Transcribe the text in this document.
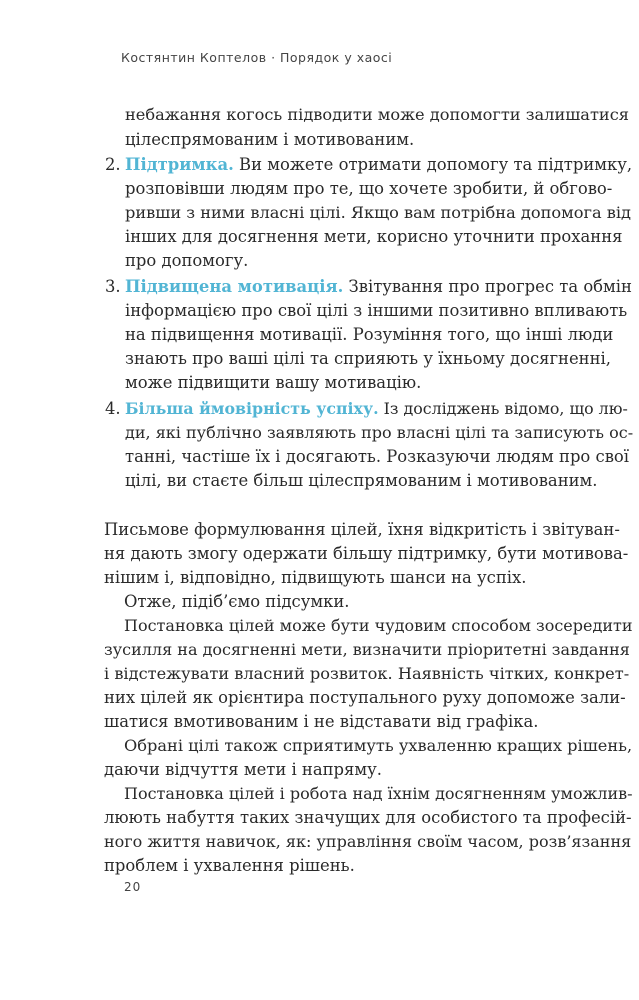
Костянтин Коптелов · Порядок у хаосі
небажання когось підводити може допомогти залишатися
цілеспрямованим і мотивованим.
2. Підтримка. Ви можете отримати допомогу та підтримку,
розповівши людям про те, що хочете зробити, й обгово-
ривши з ними власні цілі. Якщо вам потрібна допомога від
інших для досягнення мети, корисно уточнити прохання
про допомогу.
3. Підвищена мотивація. Звітування про прогрес та обмін
інформацією про свої цілі з іншими позитивно впливають
на підвищення мотивації. Розуміння того, що інші люди
знають про ваші цілі та сприяють у їхньому досягненні,
може підвищити вашу мотивацію.
4. Більша ймовірність успіху. Із досліджень відомо, що лю-
ди, які публічно заявляють про власні цілі та записують ос-
танні, частіше їх і досягають. Розказуючи людям про свої
цілі, ви стаєте більш цілеспрямованим і мотивованим.
Письмове формулювання цілей, їхня відкритість і звітуван-
ня дають змогу одержати більшу підтримку, бути мотивова-
нішим і, відповідно, підвищують шанси на успіх.
Отже, підіб’ємо підсумки.
Постановка цілей може бути чудовим способом зосередити
зусилля на досягненні мети, визначити пріоритетні завдання
і відстежувати власний розвиток. Наявність чітких, конкрет-
них цілей як орієнтира поступального руху допоможе зали-
шатися вмотивованим і не відставати від графіка.
Обрані цілі також сприятимуть ухваленню кращих рішень,
даючи відчуття мети і напряму.
Постановка цілей і робота над їхнім досягненням уможлив-
люють набуття таких значущих для особистого та професій-
ного життя навичок, як: управління своїм часом, розв’язання
проблем і ухвалення рішень.
20
